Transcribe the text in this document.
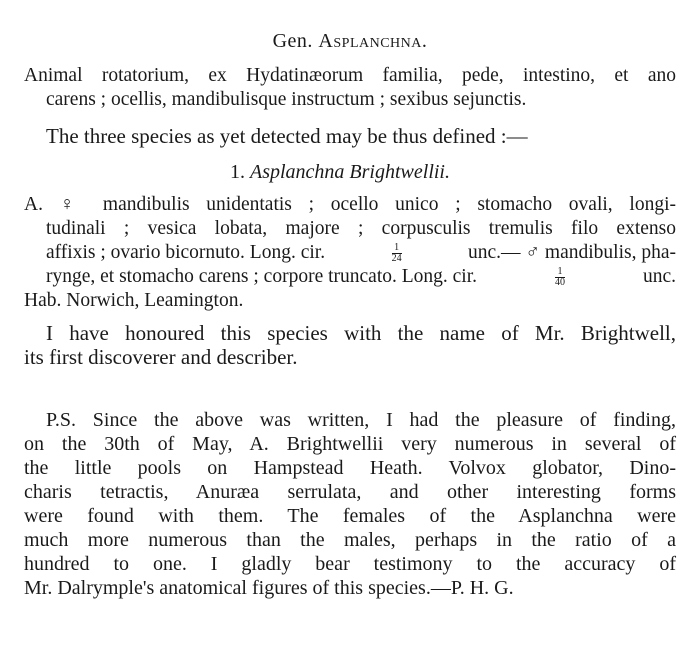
Gen. Asplanchna.
Animal rotatorium, ex Hydatinæorum familia, pede, intestino, et ano
carens ; ocellis, mandibulisque instructum ; sexibus sejunctis.
The three species as yet detected may be thus defined :—
1. Asplanchna Brightwellii.
A. ♀ mandibulis unidentatis ; ocello unico ; stomacho ovali, longi-
tudinali ; vesica lobata, majore ; corpusculis tremulis filo extenso
affixis ; ovario bicornuto. Long. cir.	$\frac{1}{24}$	unc.— ♂ mandibulis, pha-
rynge, et stomacho carens ; corpore truncato. Long. cir.	$\frac{1}{40}$	unc.
Hab. Norwich, Leamington.
I have honoured this species with the name of Mr. Brightwell,
its first discoverer and describer.
P.S. Since the above was written, I had the pleasure of finding,
on the 30th of May, A. Brightwellii very numerous in several of
the little pools on Hampstead Heath. Volvox globator, Dino-
charis tetractis, Anuræa serrulata, and other interesting forms
were found with them. The females of the Asplanchna were
much more numerous than the males, perhaps in the ratio of a
hundred to one. I gladly bear testimony to the accuracy of
Mr. Dalrymple's anatomical figures of this species.—P. H. G.
